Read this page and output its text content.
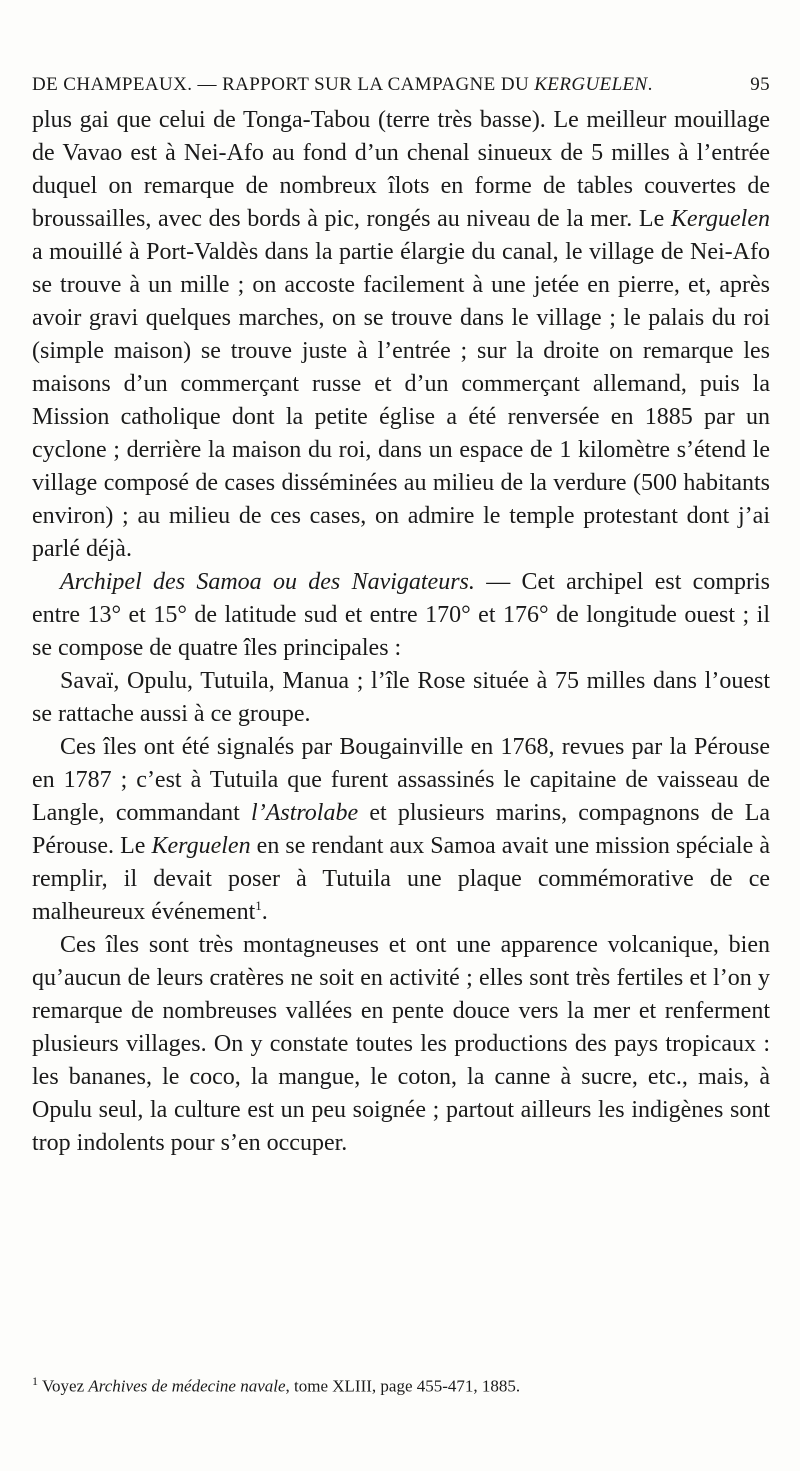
DE CHAMPEAUX. — RAPPORT SUR LA CAMPAGNE DU KERGUELEN.	95

plus gai que celui de Tonga-Tabou (terre très basse). Le meilleur mouillage de Vavao est à Nei-Afo au fond d’un chenal sinueux de 5 milles à l’entrée duquel on remarque de nombreux îlots en forme de tables couvertes de broussailles, avec des bords à pic, rongés au niveau de la mer. Le Kerguelen a mouillé à Port-Valdès dans la partie élargie du canal, le village de Nei-Afo se trouve à un mille ; on accoste facilement à une jetée en pierre, et, après avoir gravi quelques marches, on se trouve dans le village ; le palais du roi (simple maison) se trouve juste à l’entrée ; sur la droite on remarque les maisons d’un commerçant russe et d’un commerçant allemand, puis la Mission catholique dont la petite église a été renversée en 1885 par un cyclone ; derrière la maison du roi, dans un espace de 1 kilomètre s’étend le village composé de cases disséminées au milieu de la verdure (500 habitants environ) ; au milieu de ces cases, on admire le temple protestant dont j’ai parlé déjà.

Archipel des Samoa ou des Navigateurs. — Cet archipel est compris entre 13° et 15° de latitude sud et entre 170° et 176° de longitude ouest ; il se compose de quatre îles principales :

Savaï, Opulu, Tutuila, Manua ; l’île Rose située à 75 milles dans l’ouest se rattache aussi à ce groupe.

Ces îles ont été signalés par Bougainville en 1768, revues par la Pérouse en 1787 ; c’est à Tutuila que furent assassinés le capitaine de vaisseau de Langle, commandant l’Astrolabe et plusieurs marins, compagnons de La Pérouse. Le Kerguelen en se rendant aux Samoa avait une mission spéciale à remplir, il devait poser à Tutuila une plaque commémorative de ce malheureux événement$^1$.

Ces îles sont très montagneuses et ont une apparence volcanique, bien qu’aucun de leurs cratères ne soit en activité ; elles sont très fertiles et l’on y remarque de nombreuses vallées en pente douce vers la mer et renferment plusieurs villages. On y constate toutes les productions des pays tropicaux : les bananes, le coco, la mangue, le coton, la canne à sucre, etc., mais, à Opulu seul, la culture est un peu soignée ; partout ailleurs les indigènes sont trop indolents pour s’en occuper.

$^1$ Voyez Archives de médecine navale, tome XLIII, page 455-471, 1885.
